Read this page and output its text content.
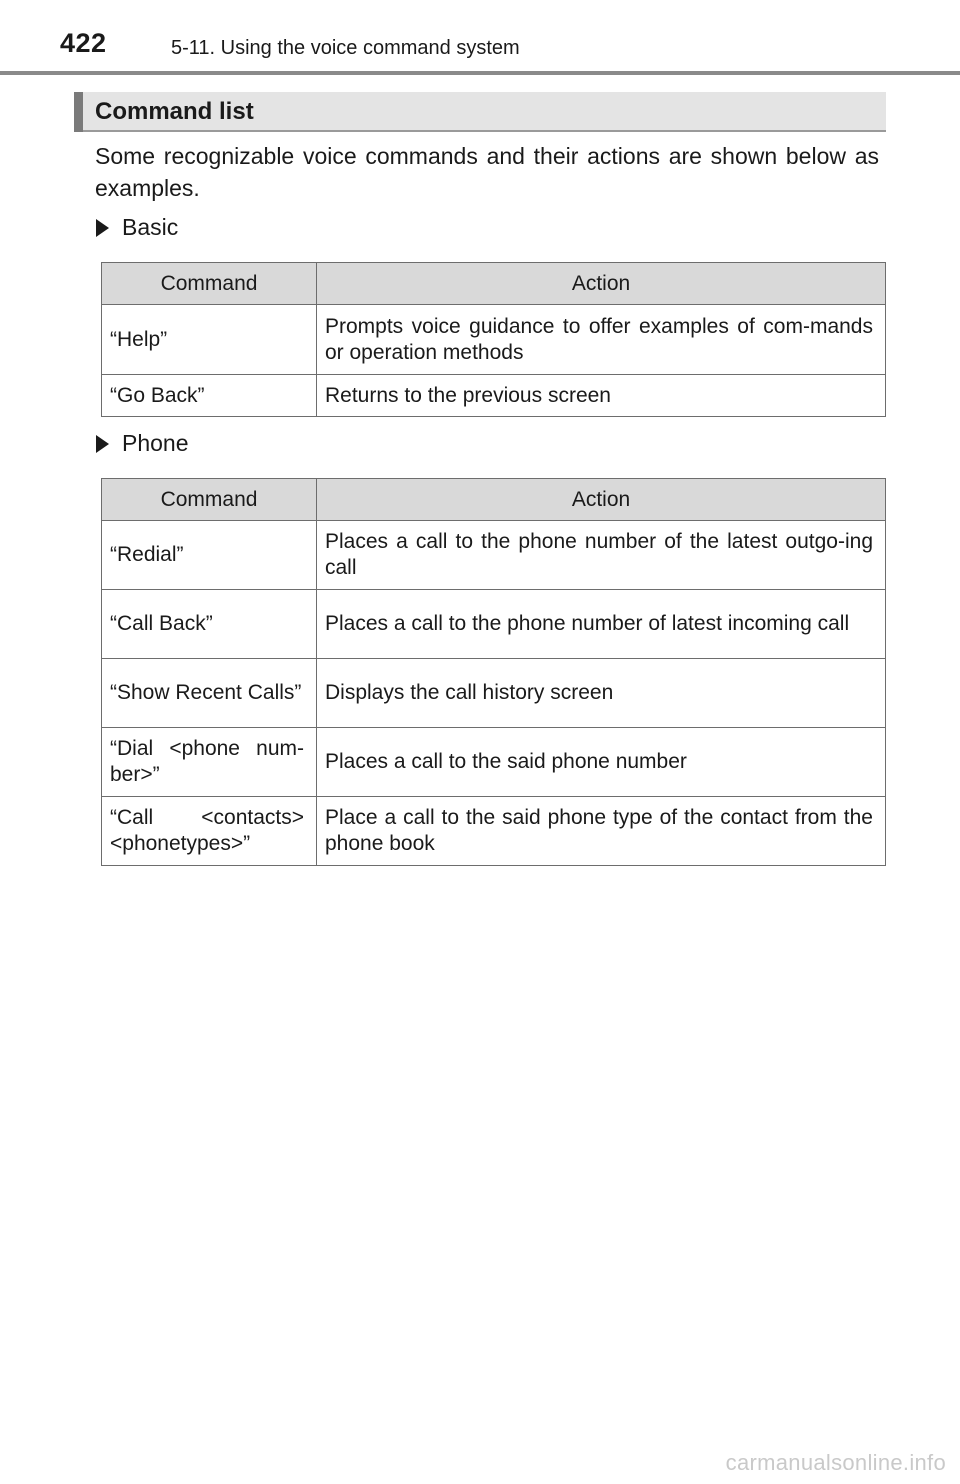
422	5-11. Using the voice command system
Command list

Some recognizable voice commands and their actions are shown below as examples.

Basic
Command	Action
“Help”	Prompts voice guidance to offer examples of com-mands or operation methods
“Go Back”	Returns to the previous screen
Phone
Command	Action
“Redial”	Places a call to the phone number of the latest outgo-ing call
“Call Back”	Places a call to the phone number of latest incoming call
“Show Recent Calls”	Displays the call history screen
“Dial <phone num-ber>”	Places a call to the said phone number
“Call <contacts> <phonetypes>”	Place a call to the said phone type of the contact from the phone book
carmanualsonline.info
